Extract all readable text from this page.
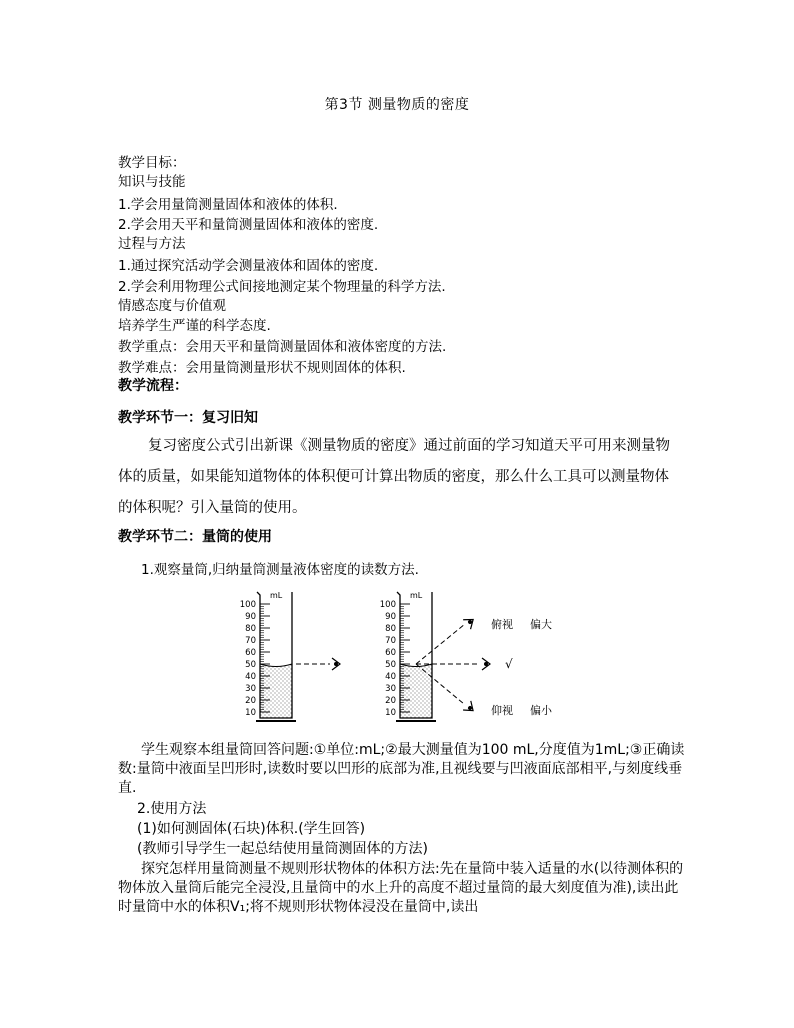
第3节 测量物质的密度
教学目标：
知识与技能
1.学会用量筒测量固体和液体的体积.
2.学会用天平和量筒测量固体和液体的密度.
过程与方法
1.通过探究活动学会测量液体和固体的密度.
2.学会利用物理公式间接地测定某个物理量的科学方法.
情感态度与价值观
培养学生严谨的科学态度.
教学重点：会用天平和量筒测量固体和液体密度的方法.
教学难点：会用量筒测量形状不规则固体的体积.
教学流程：
教学环节一：复习旧知
复习密度公式引出新课《测量物质的密度》通过前面的学习知道天平可用来测量物体的质量，如果能知道物体的体积便可计算出物质的密度，那么什么工具可以测量物体的体积呢？引入量筒的使用。
教学环节二：量筒的使用
1.观察量筒,归纳量筒测量液体密度的读数方法.
mL
100
90
80
70
60
50
40
30
20
10
mL
100
90
80
70
60
50
40
30
20
10
俯视 偏大
√
仰视 偏小
学生观察本组量筒回答问题:①单位:mL;②最大测量值为100 mL,分度值为1mL;③正确读数:量筒中液面呈凹形时,读数时要以凹形的底部为准,且视线要与凹液面底部相平,与刻度线垂直.
2.使用方法
(1)如何测固体(石块)体积.(学生回答)
(教师引导学生一起总结使用量筒测固体的方法)
探究怎样用量筒测量不规则形状物体的体积方法:先在量筒中装入适量的水(以待测体积的物体放入量筒后能完全浸没,且量筒中的水上升的高度不超过量筒的最大刻度值为准),读出此时量筒中水的体积V₁;将不规则形状物体浸没在量筒中,读出
